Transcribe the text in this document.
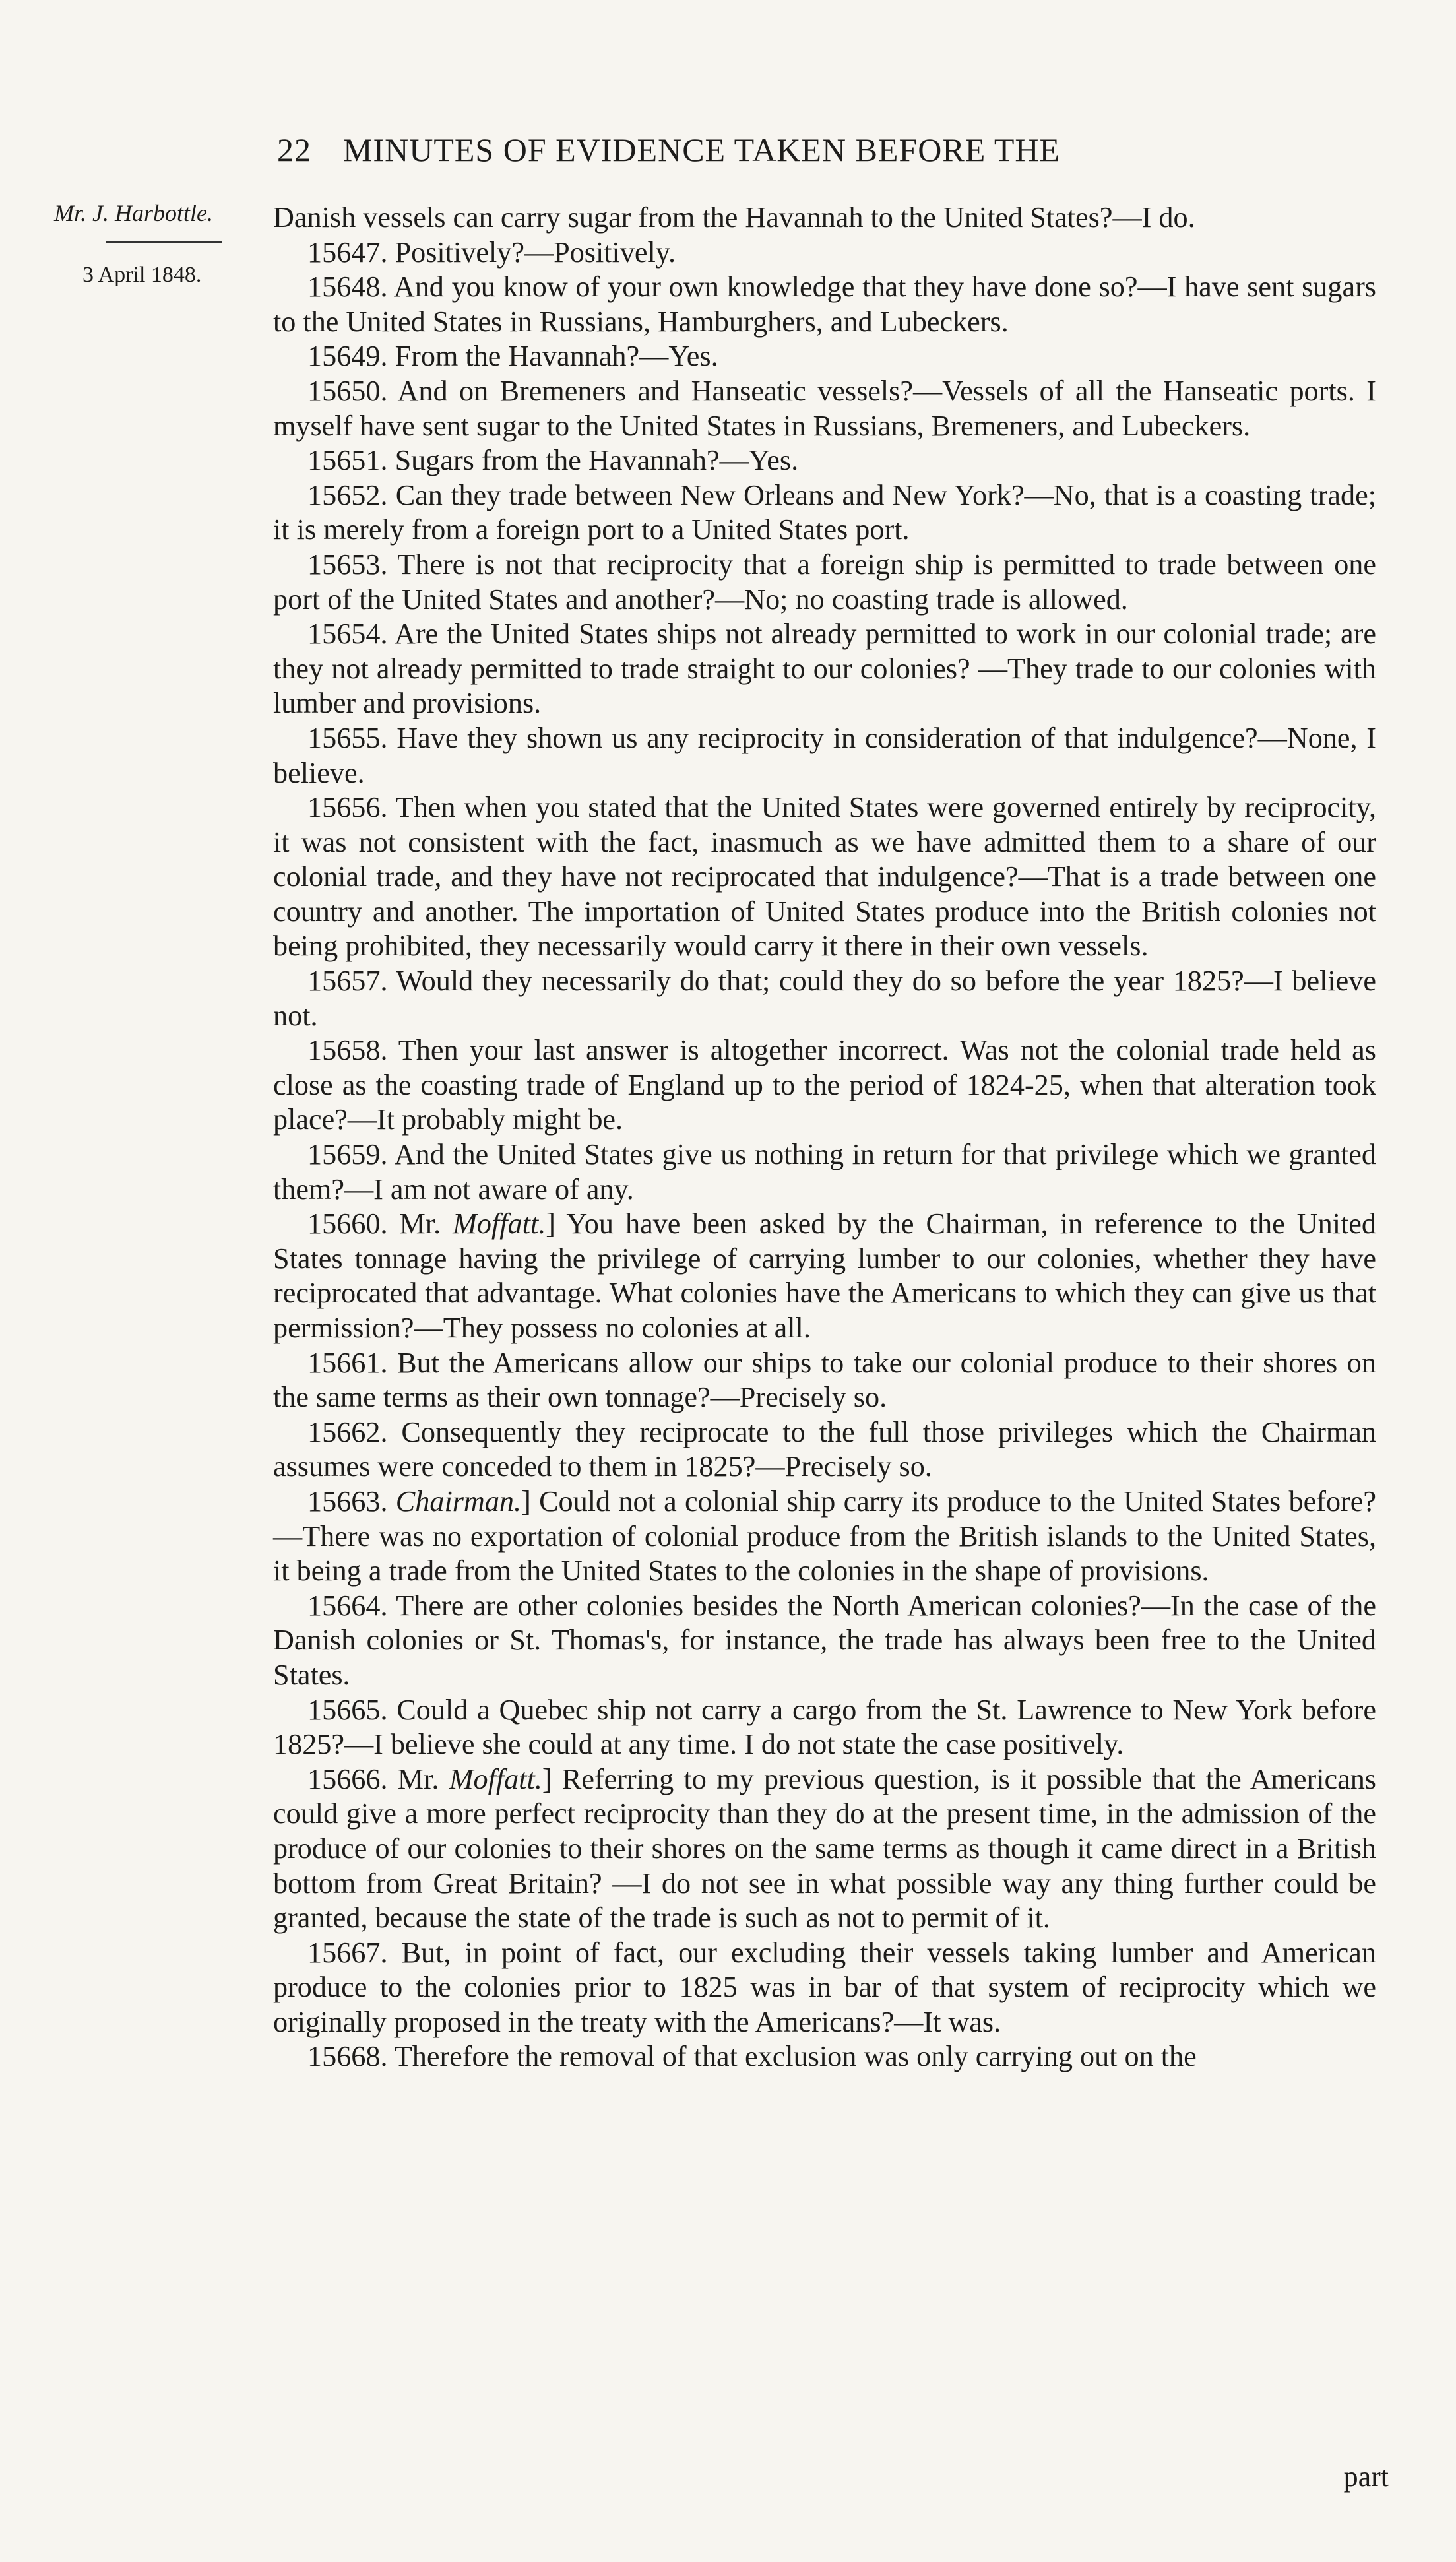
22 MINUTES OF EVIDENCE TAKEN BEFORE THE
Mr. J. Harbottle.
3 April 1848.

Danish vessels can carry sugar from the Havannah to the United States?—I do.

15647. Positively?—Positively.

15648. And you know of your own knowledge that they have done so?—I have sent sugars to the United States in Russians, Hamburghers, and Lubeckers.

15649. From the Havannah?—Yes.

15650. And on Bremeners and Hanseatic vessels?—Vessels of all the Hanseatic ports. I myself have sent sugar to the United States in Russians, Bremeners, and Lubeckers.

15651. Sugars from the Havannah?—Yes.

15652. Can they trade between New Orleans and New York?—No, that is a coasting trade; it is merely from a foreign port to a United States port.

15653. There is not that reciprocity that a foreign ship is permitted to trade between one port of the United States and another?—No; no coasting trade is allowed.

15654. Are the United States ships not already permitted to work in our colonial trade; are they not already permitted to trade straight to our colonies? —They trade to our colonies with lumber and provisions.

15655. Have they shown us any reciprocity in consideration of that indulgence?—None, I believe.

15656. Then when you stated that the United States were governed entirely by reciprocity, it was not consistent with the fact, inasmuch as we have admitted them to a share of our colonial trade, and they have not reciprocated that indulgence?—That is a trade between one country and another. The importation of United States produce into the British colonies not being prohibited, they necessarily would carry it there in their own vessels.

15657. Would they necessarily do that; could they do so before the year 1825?—I believe not.

15658. Then your last answer is altogether incorrect. Was not the colonial trade held as close as the coasting trade of England up to the period of 1824-25, when that alteration took place?—It probably might be.

15659. And the United States give us nothing in return for that privilege which we granted them?—I am not aware of any.

15660. Mr. Moffatt.] You have been asked by the Chairman, in reference to the United States tonnage having the privilege of carrying lumber to our colonies, whether they have reciprocated that advantage. What colonies have the Americans to which they can give us that permission?—They possess no colonies at all.

15661. But the Americans allow our ships to take our colonial produce to their shores on the same terms as their own tonnage?—Precisely so.

15662. Consequently they reciprocate to the full those privileges which the Chairman assumes were conceded to them in 1825?—Precisely so.

15663. Chairman.] Could not a colonial ship carry its produce to the United States before?—There was no exportation of colonial produce from the British islands to the United States, it being a trade from the United States to the colonies in the shape of provisions.

15664. There are other colonies besides the North American colonies?—In the case of the Danish colonies or St. Thomas's, for instance, the trade has always been free to the United States.

15665. Could a Quebec ship not carry a cargo from the St. Lawrence to New York before 1825?—I believe she could at any time. I do not state the case positively.

15666. Mr. Moffatt.] Referring to my previous question, is it possible that the Americans could give a more perfect reciprocity than they do at the present time, in the admission of the produce of our colonies to their shores on the same terms as though it came direct in a British bottom from Great Britain? —I do not see in what possible way any thing further could be granted, because the state of the trade is such as not to permit of it.

15667. But, in point of fact, our excluding their vessels taking lumber and American produce to the colonies prior to 1825 was in bar of that system of reciprocity which we originally proposed in the treaty with the Americans?—It was.

15668. Therefore the removal of that exclusion was only carrying out on the

part
